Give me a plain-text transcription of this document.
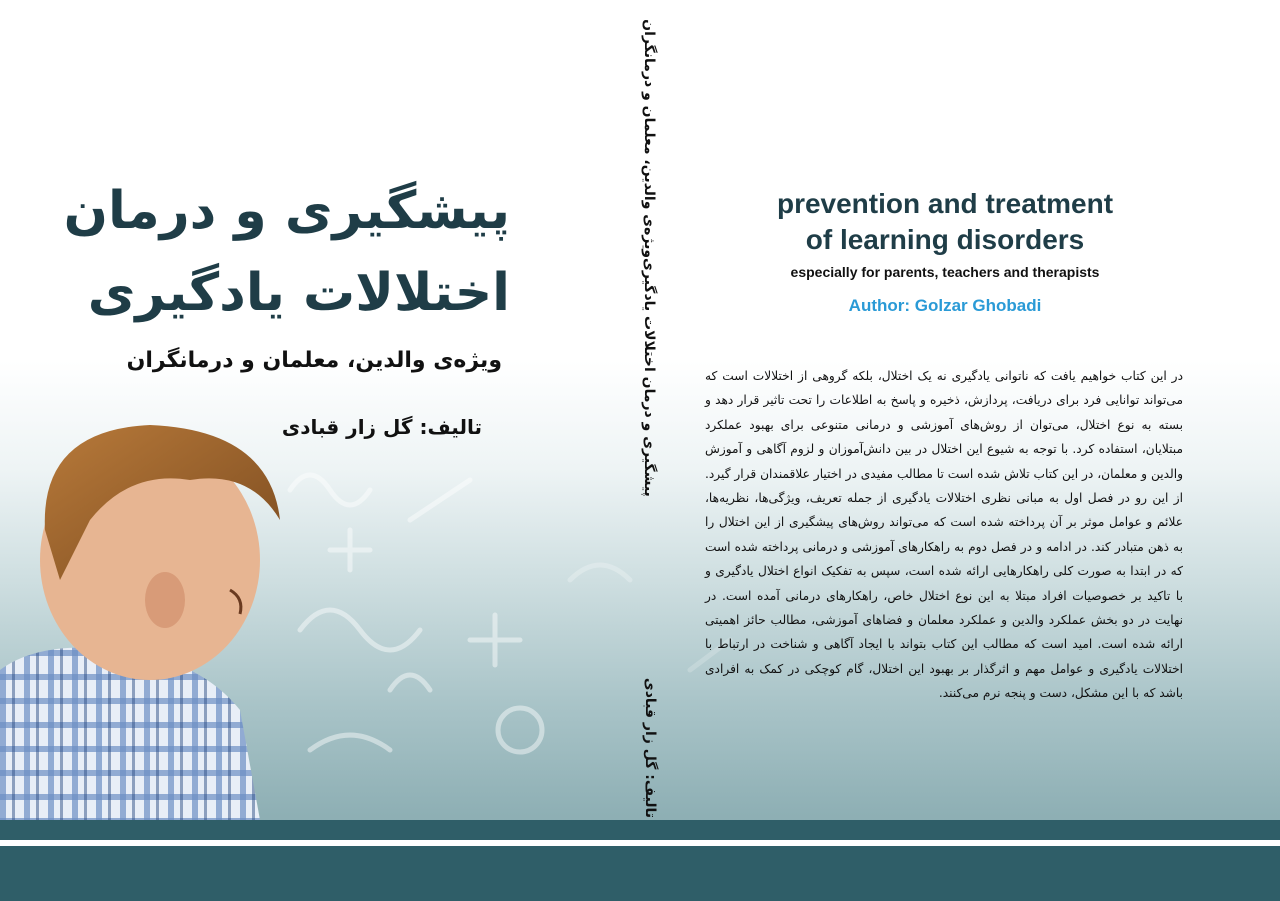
پیشگیری و درمان
اختلالات یادگیری
ویژه‌ی والدین، معلمان و درمانگران
تالیف: گل زار قبادی	پیشگیری و درمان اختلالات یادگیری‌ویژه‌ی والدین، معلمان و درمانگران
تالیف: گل زار قبادی
prevention and treatment
of learning disorders
especially for parents, teachers and therapists
Author: Golzar Ghobadi

در این کتاب خواهیم یافت که ناتوانی یادگیری نه یک اختلال، بلکه گروهی از اختلالات است که می‌تواند توانایی فرد برای دریافت، پردازش، ذخیره و پاسخ به اطلاعات را تحت تاثیر قرار دهد و بسته به نوع اختلال، می‌توان از روش‌های آموزشی و درمانی متنوعی برای بهبود عملکرد مبتلایان، استفاده کرد. با توجه به شیوع این اختلال در بین دانش‌آموزان و لزوم آگاهی و آموزش والدین و معلمان، در این کتاب تلاش شده است تا مطالب مفیدی در اختیار علاقمندان قرار گیرد. از این رو در فصل اول به مبانی نظری اختلالات یادگیری از جمله تعریف، ویژگی‌ها، نظریه‌ها، علائم و عوامل موثر بر آن پرداخته شده است که می‌تواند روش‌های پیشگیری از این اختلال را به ذهن متبادر کند. در ادامه و در فصل دوم به راهکارهای آموزشی و درمانی پرداخته شده است که در ابتدا به صورت کلی راهکارهایی ارائه شده است، سپس به تفکیک انواع اختلال یادگیری و با تاکید بر خصوصیات افراد مبتلا به این نوع اختلال خاص، راهکارهای درمانی آمده است. در نهایت در دو بخش عملکرد والدین و عملکرد معلمان و فضاهای آموزشی، مطالب حائز اهمیتی ارائه شده است. امید است که مطالب این کتاب بتواند با ایجاد آگاهی و شناخت در ارتباط با اختلالات یادگیری و عوامل مهم و اثرگذار بر بهبود این اختلال، گام کوچکی در کمک به افرادی باشد که با این مشکل، دست و پنجه نرم می‌کنند.
